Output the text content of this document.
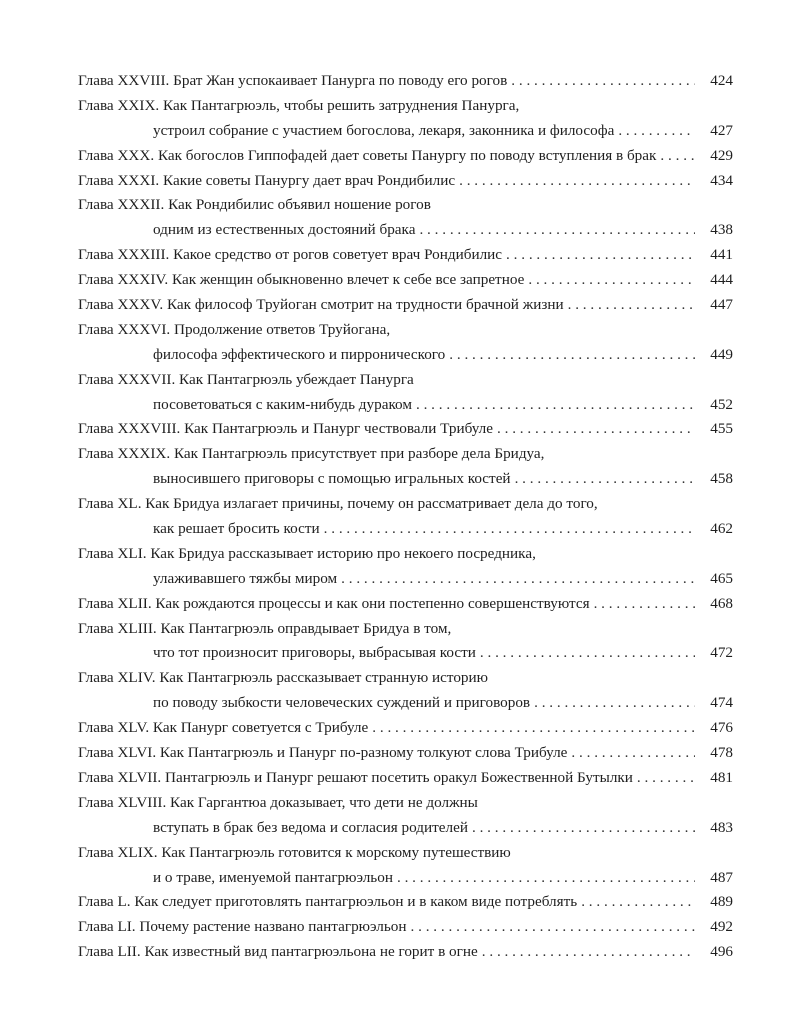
Глава XXVIII. Брат Жан успокаивает Панурга по поводу его рогов . . .	424
Глава XXIX. Как Пантагрюэль, чтобы решить затруднения Панурга,
устроил собрание с участием богослова, лекаря, законника и философа . . .	427
Глава XXX. Как богослов Гиппофадей дает советы Панургу по поводу вступления в брак . . .	429
Глава XXXI. Какие советы Панургу дает врач Рондибилис . . .	434
Глава XXXII. Как Рондибилис объявил ношение рогов
одним из естественных достояний брака . . .	438
Глава XXXIII. Какое средство от рогов советует врач Рондибилис . . .	441
Глава XXXIV. Как женщин обыкновенно влечет к себе все запретное . . .	444
Глава XXXV. Как философ Труйоган смотрит на трудности брачной жизни . . .	447
Глава XXXVI. Продолжение ответов Труйогана,
философа эффектического и пирронического . . .	449
Глава XXXVII. Как Пантагрюэль убеждает Панурга
посоветоваться с каким-нибудь дураком . . .	452
Глава XXXVIII. Как Пантагрюэль и Панург чествовали Трибуле . . .	455
Глава XXXIX. Как Пантагрюэль присутствует при разборе дела Бридуа,
выносившего приговоры с помощью игральных костей . . .	458
Глава XL. Как Бридуа излагает причины, почему он рассматривает дела до того,
как решает бросить кости . . .	462
Глава XLI. Как Бридуа рассказывает историю про некоего посредника,
улаживавшего тяжбы миром . . .	465
Глава XLII. Как рождаются процессы и как они постепенно совершенствуются . . .	468
Глава XLIII. Как Пантагрюэль оправдывает Бридуа в том,
что тот произносит приговоры, выбрасывая кости . . .	472
Глава XLIV. Как Пантагрюэль рассказывает странную историю
по поводу зыбкости человеческих суждений и приговоров . . .	474
Глава XLV. Как Панург советуется с Трибуле . . .	476
Глава XLVI. Как Пантагрюэль и Панург по-разному толкуют слова Трибуле . . .	478
Глава XLVII. Пантагрюэль и Панург решают посетить оракул Божественной Бутылки . . .	481
Глава XLVIII. Как Гаргантюа доказывает, что дети не должны
вступать в брак без ведома и согласия родителей . . .	483
Глава XLIX. Как Пантагрюэль готовится к морскому путешествию
и о траве, именуемой пантагрюэльон . . .	487
Глава L. Как следует приготовлять пантагрюэльон и в каком виде потреблять . . .	489
Глава LI. Почему растение названо пантагрюэльон . . .	492
Глава LII. Как известный вид пантагрюэльона не горит в огне . . .	496
